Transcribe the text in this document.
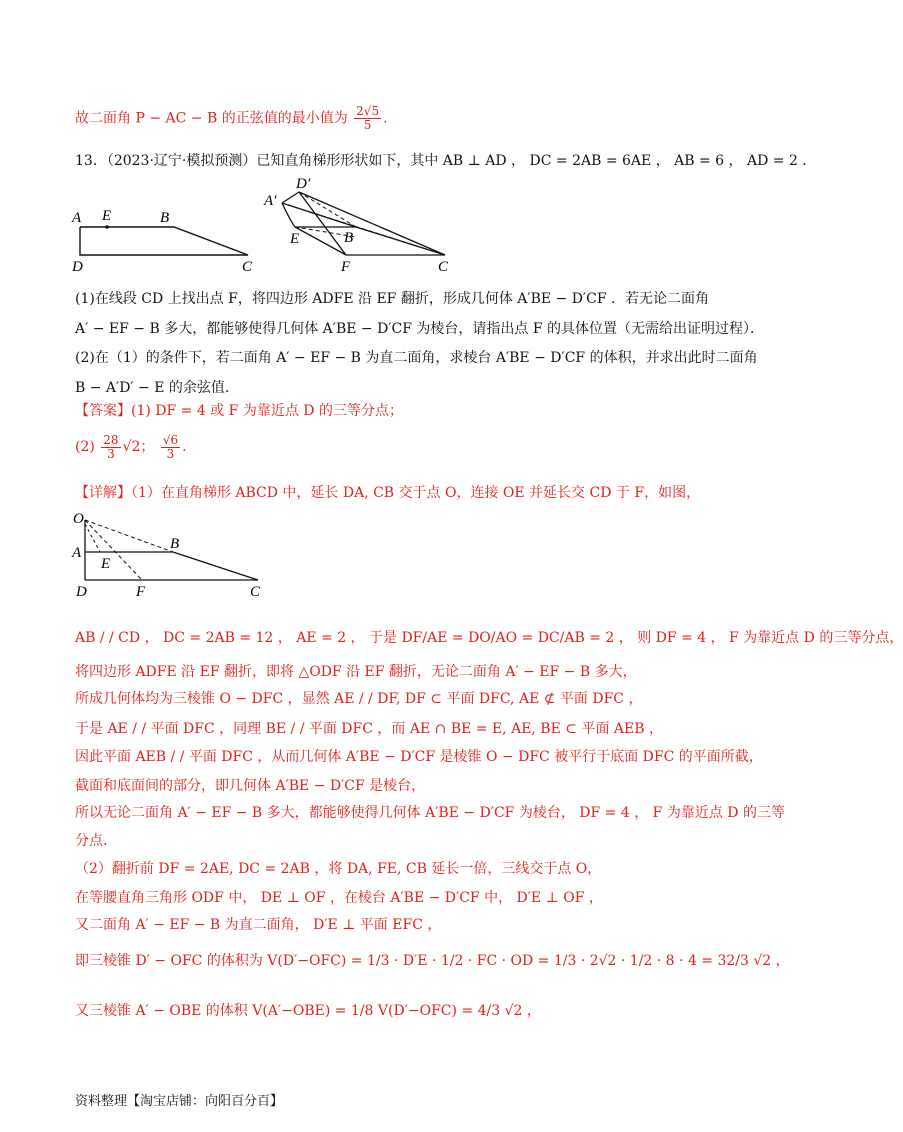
故二面角 P − AC − B 的正弦值的最小值为 $\frac{2√5}{5}$ .
13．（2023·辽宁·模拟预测）已知直角梯形形状如下，其中 AB ⊥ AD ， DC = 2AB = 6AE ， AB = 6 ， AD = 2 .
A E	B
D	C
D′
A′
E	B
F	C
(1)在线段 CD 上找出点 F，将四边形 ADFE 沿 EF 翻折，形成几何体 A′BE − D′CF ．若无论二面角
A′ − EF − B 多大，都能够使得几何体 A′BE − D′CF 为棱台，请指出点 F 的具体位置（无需给出证明过程）．
(2)在（1）的条件下，若二面角 A′ − EF − B 为直二面角，求棱台 A′BE − D′CF 的体积，并求出此时二面角
B − A′D′ − E 的余弦值.
【答案】(1) DF = 4 或 F 为靠近点 D 的三等分点；
$(2) \frac{28}{3} √2$； $\frac{√6}{3}$ .
【详解】（1）在直角梯形 ABCD 中，延长 DA, CB 交于点 O，连接 OE 并延长交 CD 于 F，如图，
O
A
B
E
D	F	C
AB / / CD ， DC = 2AB = 12 ， AE = 2 ， 于是 DF/AE = DO/AO = DC/AB = 2 ， 则 DF = 4 ， F 为靠近点 D 的三等分点，
将四边形 ADFE 沿 EF 翻折，即将 △ODF 沿 EF 翻折，无论二面角 A′ − EF − B 多大，
所成几何体均为三棱锥 O − DFC ，显然 AE / / DF, DF ⊂ 平面 DFC, AE ⊄ 平面 DFC ，
于是 AE / / 平面 DFC ，同理 BE / / 平面 DFC ，而 AE ∩ BE = E, AE, BE ⊂ 平面 AEB ，
因此平面 AEB / / 平面 DFC ，从而几何体 A′BE − D′CF 是棱锥 O − DFC 被平行于底面 DFC 的平面所截，
截面和底面间的部分，即几何体 A′BE − D′CF 是棱台，
所以无论二面角 A′ − EF − B 多大，都能够使得几何体 A′BE − D′CF 为棱台， DF = 4 ， F 为靠近点 D 的三等
分点.
（2）翻折前 DF = 2AE, DC = 2AB ，将 DA, FE, CB 延长一倍，三线交于点 O，
在等腰直角三角形 ODF 中， DE ⊥ OF ，在棱台 A′BE − D′CF 中， D′E ⊥ OF ，
又二面角 A′ − EF − B 为直二面角， D′E ⊥ 平面 EFC ，
即三棱锥 D′ − OFC 的体积为 V(D′−OFC) = 1/3 · D′E · 1/2 · FC · OD = 1/3 · 2√2 · 1/2 · 8 · 4 = 32/3 √2 ，
又三棱锥 A′ − OBE 的体积 V(A′−OBE) = 1/8 V(D′−OFC) = 4/3 √2 ，
资料整理【淘宝店铺：向阳百分百】
